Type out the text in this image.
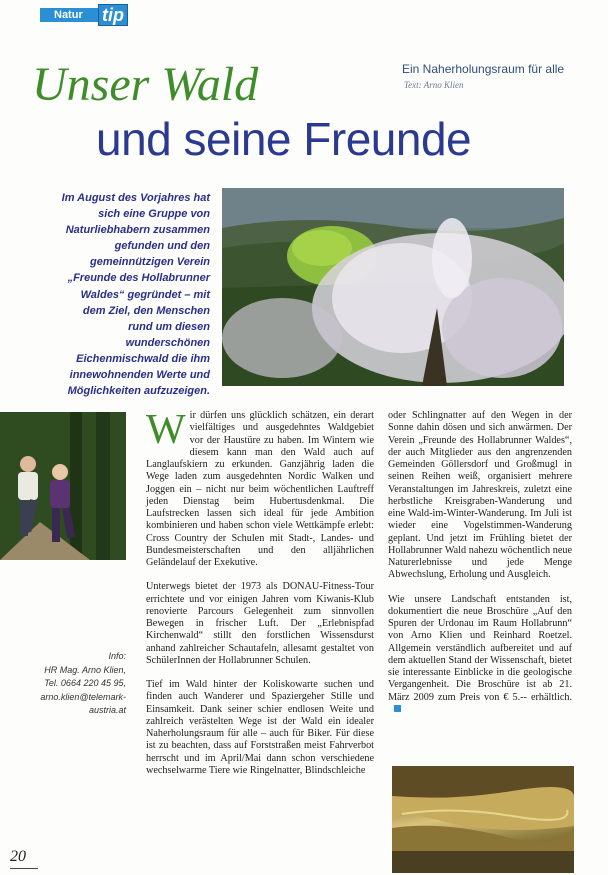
Natur tip
Ein Naherholungsraum für alle
Text: Arno Klien
Unser Wald
und seine Freunde
Im August des Vorjahres hat sich eine Gruppe von Naturliebhabern zusammen gefunden und den gemeinnützigen Verein „Freunde des Hollabrunner Waldes“ gegründet – mit dem Ziel, den Menschen rund um diesen wunderschönen Eichenmischwald die ihm innewohnenden Werte und Möglichkeiten aufzuzeigen.

Wir dürfen uns glücklich schätzen, ein derart vielfältiges und ausgedehntes Waldgebiet vor der Haustüre zu haben. Im Wintern wie diesem kann man den Wald auch auf Langlaufskiern zu erkunden. Ganzjährig laden die Wege laden zum ausgedehnten Nordic Walken und Joggen ein – nicht nur beim wöchentlichen Lauftreff jeden Dienstag beim Hubertusdenkmal. Die Laufstrecken lassen sich ideal für jede Ambition kombinieren und haben schon viele Wettkämpfe erlebt: Cross Country der Schulen mit Stadt-, Landes- und Bundesmeisterschaften und den alljährlichen Geländelauf der Exekutive.

Unterwegs bietet der 1973 als DONAU-Fitness-Tour errichtete und vor einigen Jahren vom Kiwanis-Klub renovierte Parcours Gelegenheit zum sinnvollen Bewegen in frischer Luft. Der „Erlebnispfad Kirchenwald“ stillt den forstlichen Wissensdurst anhand zahlreicher Schautafeln, allesamt gestaltet von SchülerInnen der Hollabrunner Schulen.

Tief im Wald hinter der Koliskowarte suchen und finden auch Wanderer und Spaziergeher Stille und Einsamkeit. Dank seiner schier endlosen Weite und zahlreich verästelten Wege ist der Wald ein idealer Naherholungsraum für alle – auch für Biker. Für diese ist zu beachten, dass auf Forststraßen meist Fahrverbot herrscht und im April/Mai dann schon verschiedene wechselwarme Tiere wie Ringelnatter, Blindschleiche

oder Schlingnatter auf den Wegen in der Sonne dahin dösen und sich anwärmen. Der Verein „Freunde des Hollabrunner Waldes“, der auch Mitglieder aus den angrenzenden Gemeinden Göllersdorf und Großmugl in seinen Reihen weiß, organisiert mehrere Veranstaltungen im Jahreskreis, zuletzt eine herbstliche Kreisgraben-Wanderung und eine Wald-im-Winter-Wanderung. Im Juli ist wieder eine Vogelstimmen-Wanderung geplant. Und jetzt im Frühling bietet der Hollabrunner Wald nahezu wöchentlich neue Naturerlebnisse und jede Menge Abwechslung, Erholung und Ausgleich.

Wie unsere Landschaft entstanden ist, dokumentiert die neue Broschüre „Auf den Spuren der Urdonau im Raum Hollabrunn“ von Arno Klien und Reinhard Roetzel. Allgemein verständlich aufbereitet und auf dem aktuellen Stand der Wissenschaft, bietet sie interessante Einblicke in die geologische Vergangenheit. Die Broschüre ist ab 21. März 2009 zum Preis von € 5.-- erhältlich.

Info:
HR Mag. Arno Klien,
Tel. 0664 220 45 95,
arno.klien@telemark-
austria.at
20
